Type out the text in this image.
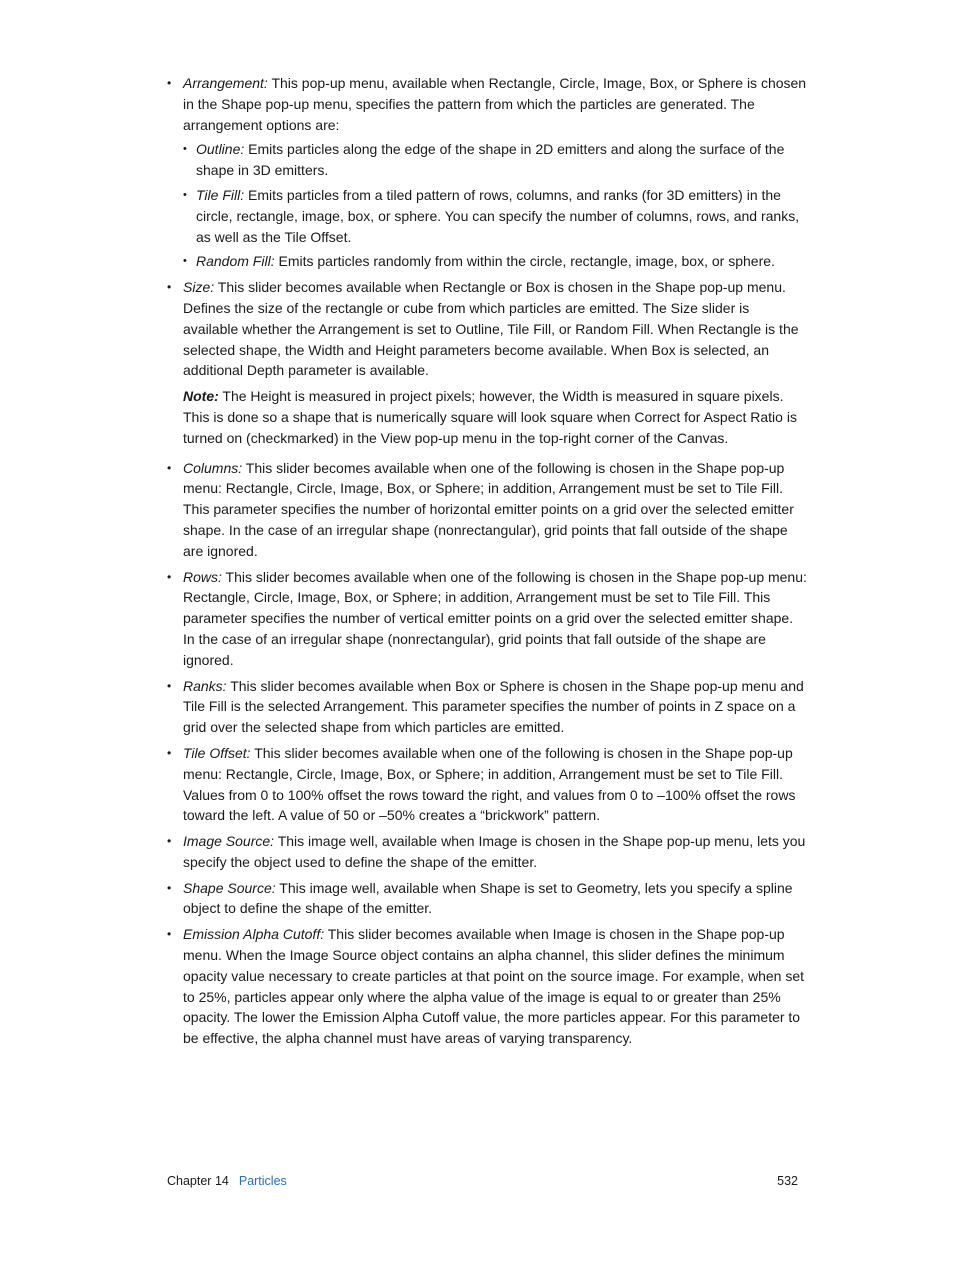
• Arrangement: This pop-up menu, available when Rectangle, Circle, Image, Box, or Sphere is chosen in the Shape pop-up menu, specifies the pattern from which the particles are generated. The arrangement options are:
• Outline: Emits particles along the edge of the shape in 2D emitters and along the surface of the shape in 3D emitters.
• Tile Fill: Emits particles from a tiled pattern of rows, columns, and ranks (for 3D emitters) in the circle, rectangle, image, box, or sphere. You can specify the number of columns, rows, and ranks, as well as the Tile Offset.
• Random Fill: Emits particles randomly from within the circle, rectangle, image, box, or sphere.
• Size: This slider becomes available when Rectangle or Box is chosen in the Shape pop-up menu. Defines the size of the rectangle or cube from which particles are emitted. The Size slider is available whether the Arrangement is set to Outline, Tile Fill, or Random Fill. When Rectangle is the selected shape, the Width and Height parameters become available. When Box is selected, an additional Depth parameter is available.

Note: The Height is measured in project pixels; however, the Width is measured in square pixels. This is done so a shape that is numerically square will look square when Correct for Aspect Ratio is turned on (checkmarked) in the View pop-up menu in the top-right corner of the Canvas.

• Columns: This slider becomes available when one of the following is chosen in the Shape pop-up menu: Rectangle, Circle, Image, Box, or Sphere; in addition, Arrangement must be set to Tile Fill. This parameter specifies the number of horizontal emitter points on a grid over the selected emitter shape. In the case of an irregular shape (nonrectangular), grid points that fall outside of the shape are ignored.
• Rows: This slider becomes available when one of the following is chosen in the Shape pop-up menu: Rectangle, Circle, Image, Box, or Sphere; in addition, Arrangement must be set to Tile Fill. This parameter specifies the number of vertical emitter points on a grid over the selected emitter shape. In the case of an irregular shape (nonrectangular), grid points that fall outside of the shape are ignored.
• Ranks: This slider becomes available when Box or Sphere is chosen in the Shape pop-up menu and Tile Fill is the selected Arrangement. This parameter specifies the number of points in Z space on a grid over the selected shape from which particles are emitted.
• Tile Offset: This slider becomes available when one of the following is chosen in the Shape pop-up menu: Rectangle, Circle, Image, Box, or Sphere; in addition, Arrangement must be set to Tile Fill. Values from 0 to 100% offset the rows toward the right, and values from 0 to –100% offset the rows toward the left. A value of 50 or –50% creates a “brickwork” pattern.
• Image Source: This image well, available when Image is chosen in the Shape pop-up menu, lets you specify the object used to define the shape of the emitter.
• Shape Source: This image well, available when Shape is set to Geometry, lets you specify a spline object to define the shape of the emitter.
• Emission Alpha Cutoff: This slider becomes available when Image is chosen in the Shape pop-up menu. When the Image Source object contains an alpha channel, this slider defines the minimum opacity value necessary to create particles at that point on the source image. For example, when set to 25%, particles appear only where the alpha value of the image is equal to or greater than 25% opacity. The lower the Emission Alpha Cutoff value, the more particles appear. For this parameter to be effective, the alpha channel must have areas of varying transparency.
Chapter 14 Particles	532
